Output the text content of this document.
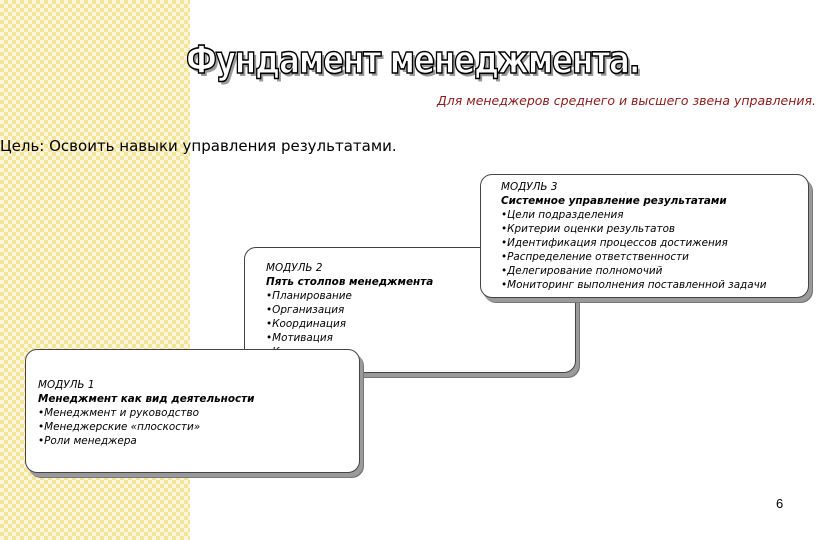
Фундамент менеджмента.
Для менеджеров среднего и высшего звена управления.
Цель: Освоить навыки управления результатами.
МОДУЛЬ 2
Пять столпов менеджмента
• Планирование
• Организация
• Координация
• Мотивация
•
МОДУЛЬ 3
Системное управление результатами
• Цели подразделения
• Критерии оценки результатов
• Идентификация процессов достижения
• Распределение ответственности
• Делегирование полномочий
• Мониторинг выполнения поставленной задачи
МОДУЛЬ 1
Менеджмент как вид деятельности
• Менеджмент и руководство
• Менеджерские «плоскости»
• Роли менеджера
6
